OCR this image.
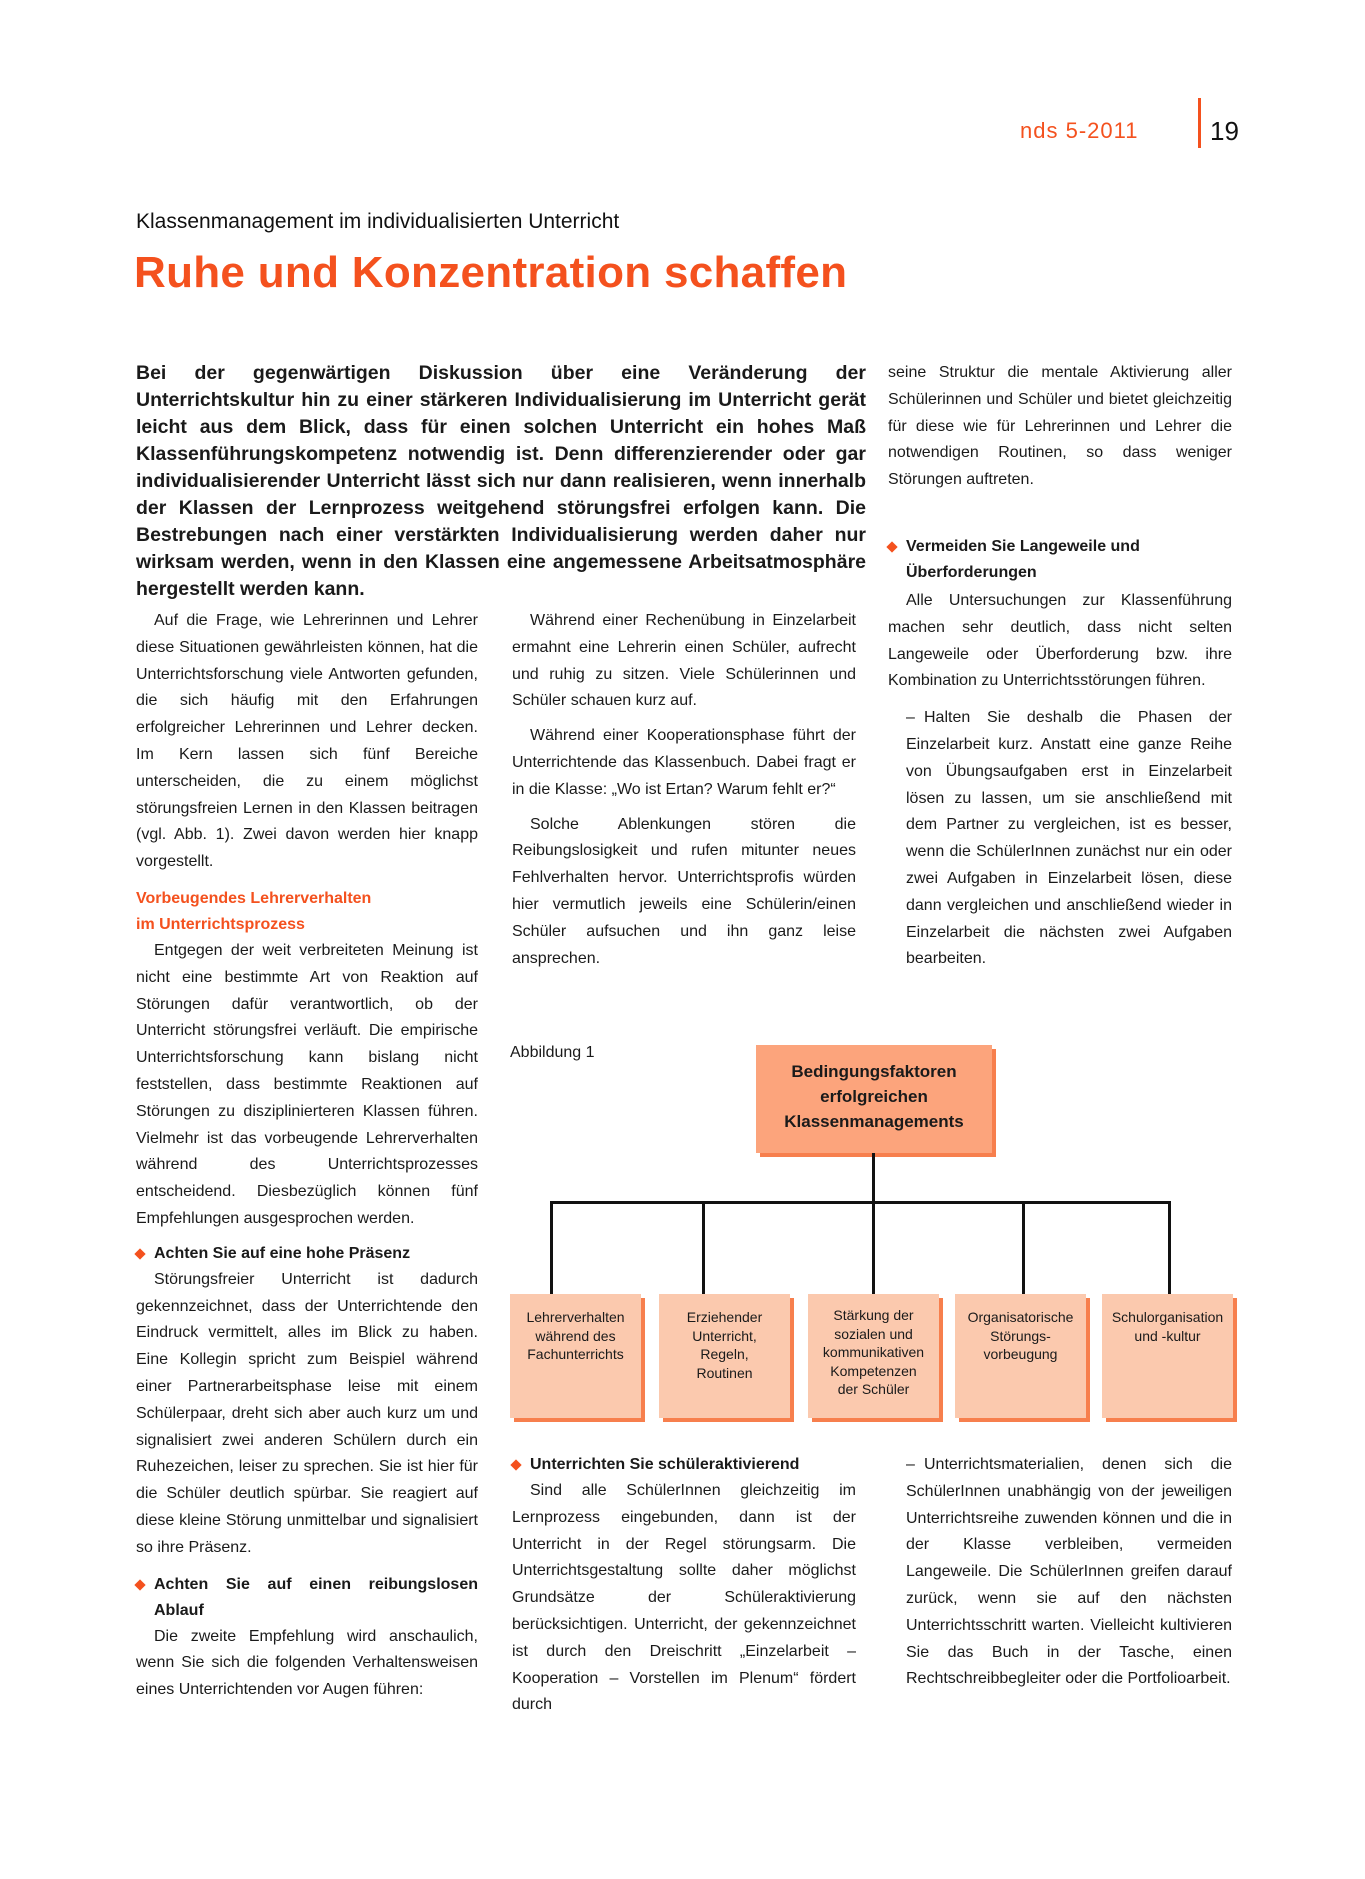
nds 5-2011	19
Klassenmanagement im individualisierten Unterricht
Ruhe und Konzentration schaffen
Bei der gegenwärtigen Diskussion über eine Veränderung der Unterrichtskultur hin zu einer stärkeren Individualisierung im Unterricht gerät leicht aus dem Blick, dass für einen solchen Unterricht ein hohes Maß Klassenführungskompetenz notwendig ist. Denn differenzierender oder gar individualisierender Unterricht lässt sich nur dann realisieren, wenn innerhalb der Klassen der Lernprozess weitgehend störungsfrei erfolgen kann. Die Bestrebungen nach einer verstärkten Individualisierung werden daher nur wirksam werden, wenn in den Klassen eine angemessene Arbeitsatmosphäre hergestellt werden kann.

Auf die Frage, wie Lehrerinnen und Lehrer diese Situationen gewährleisten können, hat die Unterrichtsforschung viele Antworten gefunden, die sich häufig mit den Erfahrungen erfolgreicher Lehrerinnen und Lehrer decken. Im Kern lassen sich fünf Bereiche unterscheiden, die zu einem möglichst störungsfreien Lernen in den Klassen beitragen (vgl. Abb. 1). Zwei davon werden hier knapp vorgestellt.

Vorbeugendes Lehrerverhalten

im Unterrichtsprozess

Entgegen der weit verbreiteten Meinung ist nicht eine bestimmte Art von Reaktion auf Störungen dafür verantwortlich, ob der Unterricht störungsfrei verläuft. Die empirische Unterrichtsforschung kann bislang nicht feststellen, dass bestimmte Reaktionen auf Störungen zu disziplinierteren Klassen führen. Vielmehr ist das vorbeugende Lehrerverhalten während des Unterrichtsprozesses entscheidend. Diesbezüglich können fünf Empfehlungen ausgesprochen werden.

Achten Sie auf eine hohe Präsenz

Störungsfreier Unterricht ist dadurch gekennzeichnet, dass der Unterrichtende den Eindruck vermittelt, alles im Blick zu haben. Eine Kollegin spricht zum Beispiel während einer Partnerarbeitsphase leise mit einem Schülerpaar, dreht sich aber auch kurz um und signalisiert zwei anderen Schülern durch ein Ruhezeichen, leiser zu sprechen. Sie ist hier für die Schüler deutlich spürbar. Sie reagiert auf diese kleine Störung unmittelbar und signalisiert so ihre Präsenz.

Achten Sie auf einen reibungslosen Ablauf

Die zweite Empfehlung wird anschaulich, wenn Sie sich die folgenden Verhaltensweisen eines Unterrichtenden vor Augen führen:

Während einer Rechenübung in Einzelarbeit ermahnt eine Lehrerin einen Schüler, aufrecht und ruhig zu sitzen. Viele Schülerinnen und Schüler schauen kurz auf.

Während einer Kooperationsphase führt der Unterrichtende das Klassenbuch. Dabei fragt er in die Klasse: „Wo ist Ertan? Warum fehlt er?“

Solche Ablenkungen stören die Reibungslosigkeit und rufen mitunter neues Fehlverhalten hervor. Unterrichtsprofis würden hier vermutlich jeweils eine Schülerin/einen Schüler aufsuchen und ihn ganz leise ansprechen.

seine Struktur die mentale Aktivierung aller Schülerinnen und Schüler und bietet gleichzeitig für diese wie für Lehrerinnen und Lehrer die notwendigen Routinen, so dass weniger Störungen auftreten.

Vermeiden Sie Langeweile und
Überforderungen

Alle Untersuchungen zur Klassenführung machen sehr deutlich, dass nicht selten Langeweile oder Überforderung bzw. ihre Kombination zu Unterrichtsstörungen führen.

– Halten Sie deshalb die Phasen der Einzelarbeit kurz. Anstatt eine ganze Reihe von Übungsaufgaben erst in Einzelarbeit lösen zu lassen, um sie anschließend mit dem Partner zu vergleichen, ist es besser, wenn die SchülerInnen zunächst nur ein oder zwei Aufgaben in Einzelarbeit lösen, diese dann vergleichen und anschließend wieder in Einzelarbeit die nächsten zwei Aufgaben bearbeiten.

Abbildung 1
Bedingungsfaktoren
erfolgreichen
Klassenmanagements
Lehrerverhalten
während des
Fachunterrichts
Erziehender
Unterricht,
Regeln,
Routinen
Stärkung der
sozialen und
kommunikativen
Kompetenzen
der Schüler
Organisatorische
Störungs-
vorbeugung
Schulorganisation
und -kultur
Unterrichten Sie schüleraktivierend

Sind alle SchülerInnen gleichzeitig im Lernprozess eingebunden, dann ist der Unterricht in der Regel störungsarm. Die Unterrichtsgestaltung sollte daher möglichst Grundsätze der Schüleraktivierung berücksichtigen. Unterricht, der gekennzeichnet ist durch den Dreischritt „Einzelarbeit – Kooperation – Vorstellen im Plenum“ fördert durch

– Unterrichtsmaterialien, denen sich die SchülerInnen unabhängig von der jeweiligen Unterrichtsreihe zuwenden können und die in der Klasse verbleiben, vermeiden Langeweile. Die SchülerInnen greifen darauf zurück, wenn sie auf den nächsten Unterrichtsschritt warten. Vielleicht kultivieren Sie das Buch in der Tasche, einen Rechtschreibbegleiter oder die Portfolioarbeit.
